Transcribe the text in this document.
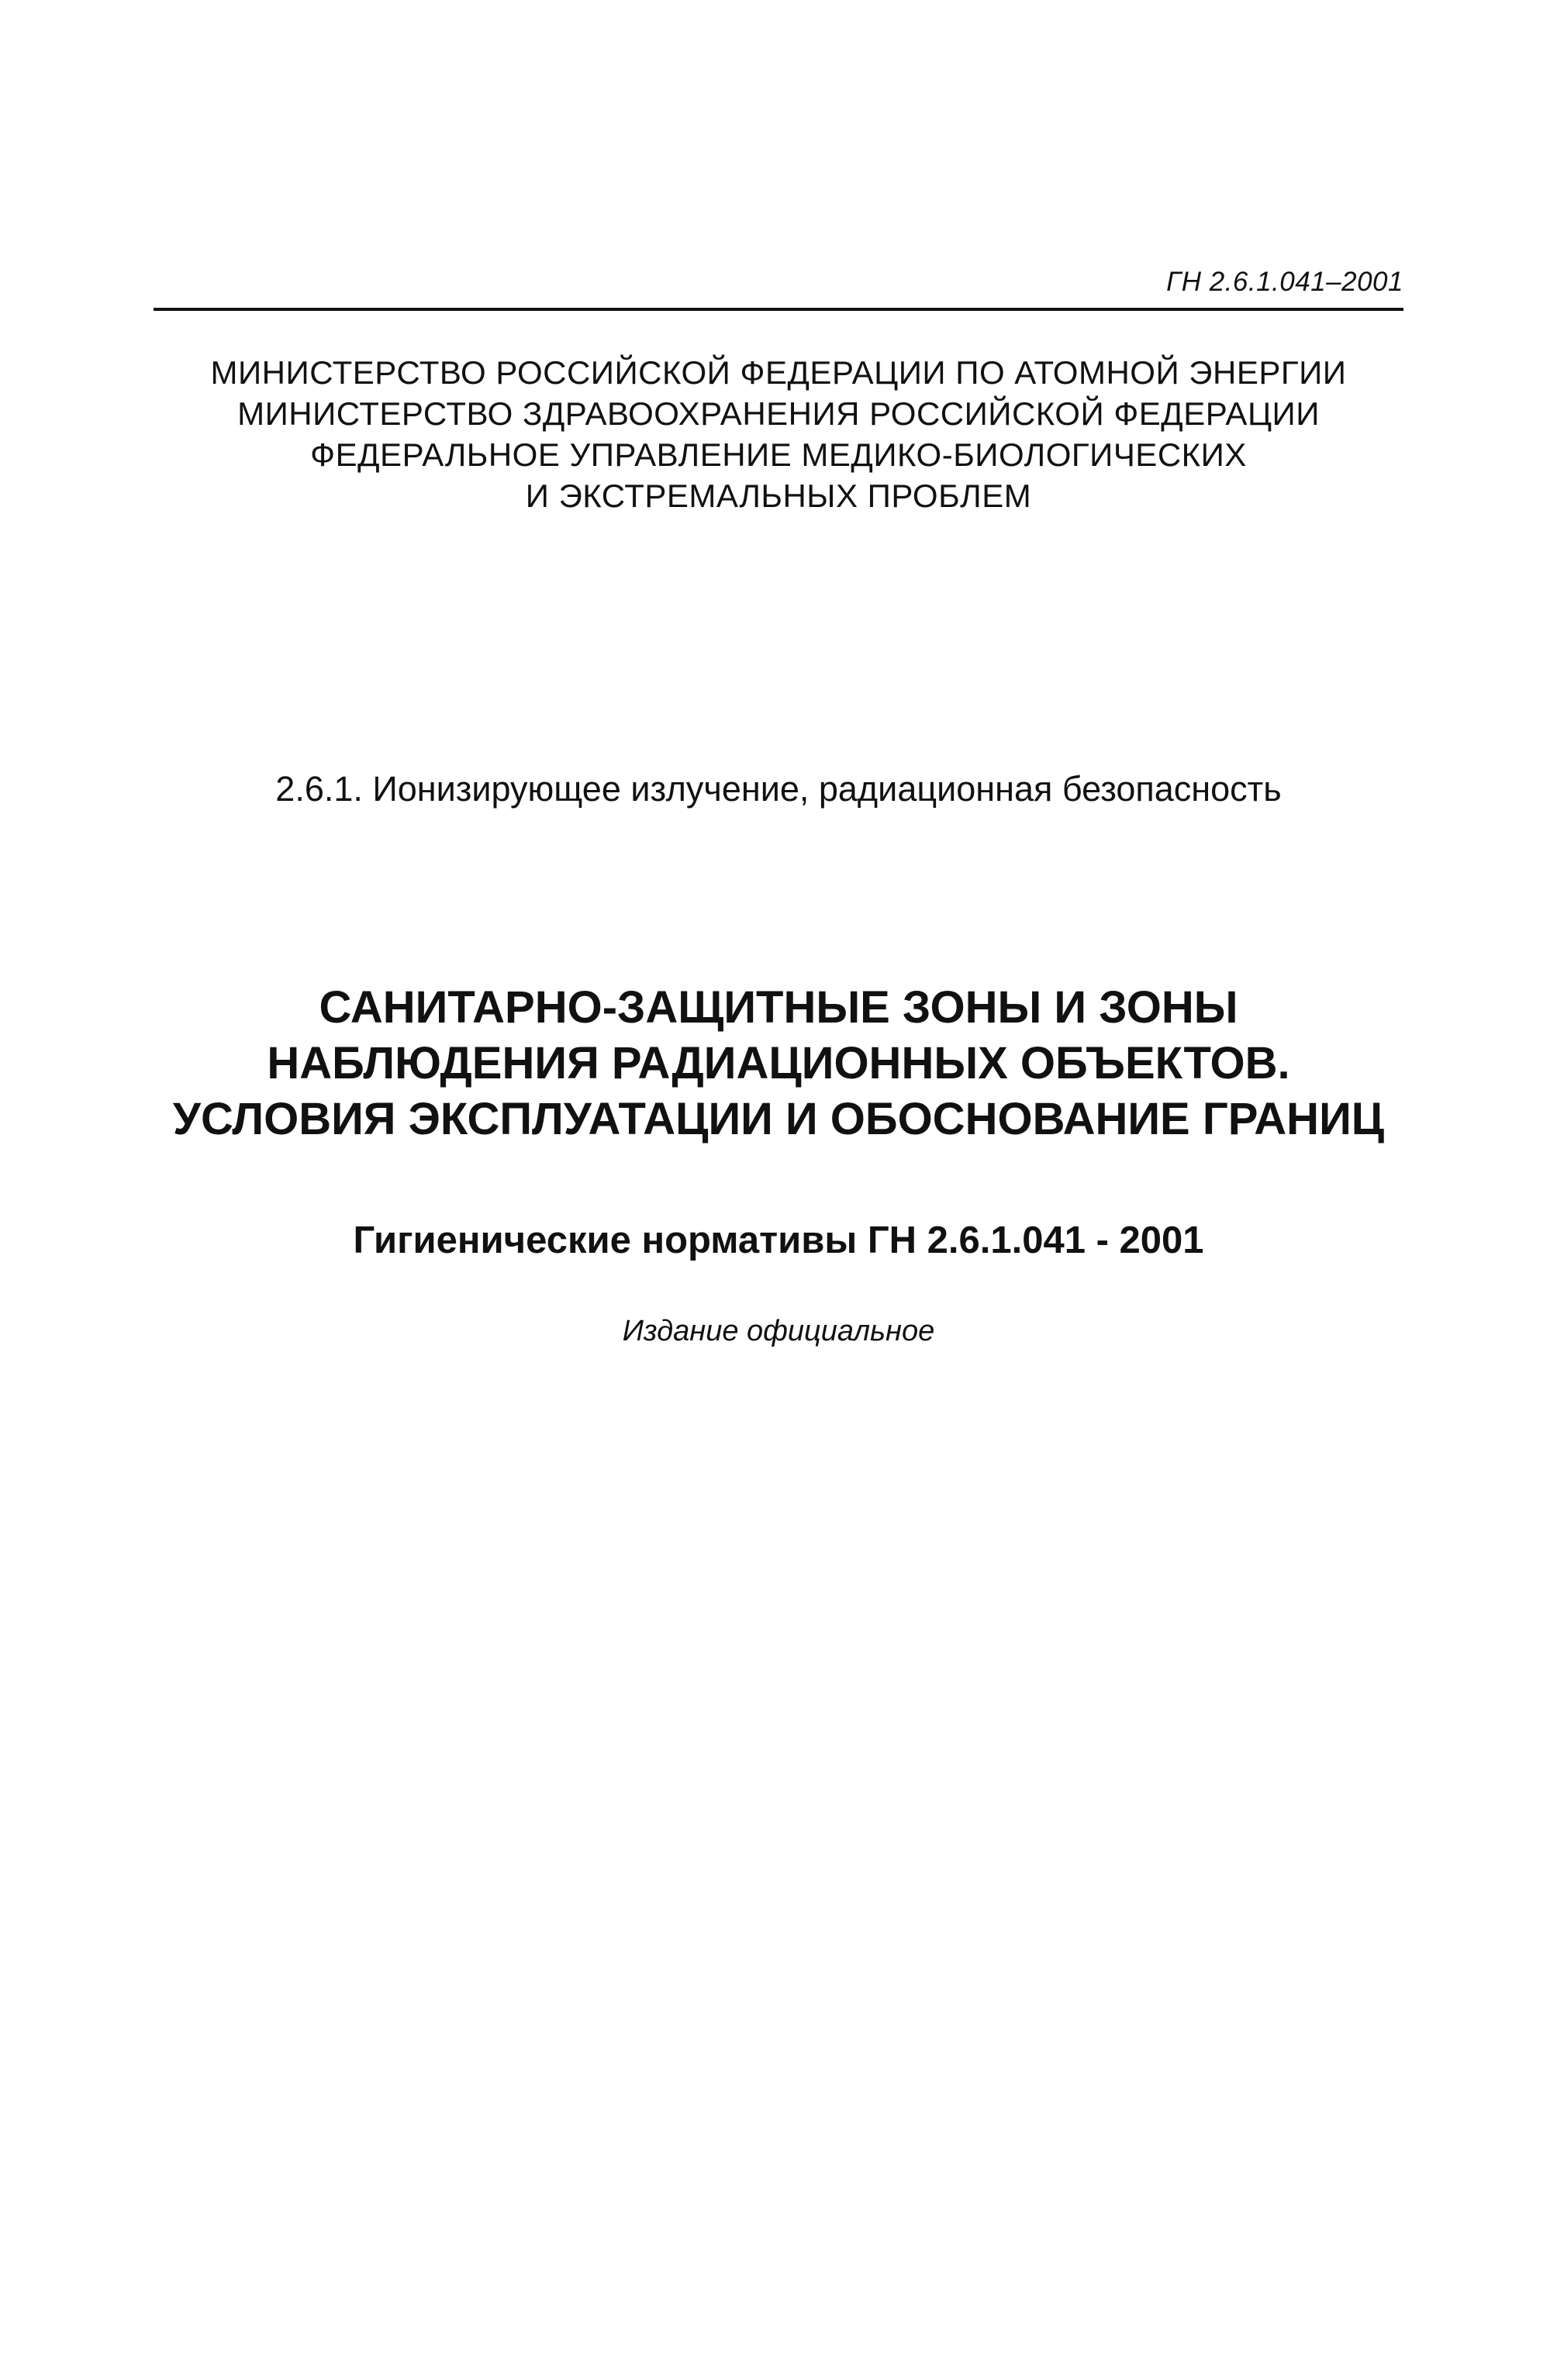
ГН 2.6.1.041–2001
МИНИСТЕРСТВО РОССИЙСКОЙ ФЕДЕРАЦИИ ПО АТОМНОЙ ЭНЕРГИИ
МИНИСТЕРСТВО ЗДРАВООХРАНЕНИЯ РОССИЙСКОЙ ФЕДЕРАЦИИ
ФЕДЕРАЛЬНОЕ УПРАВЛЕНИЕ МЕДИКО-БИОЛОГИЧЕСКИХ
И ЭКСТРЕМАЛЬНЫХ ПРОБЛЕМ
2.6.1. Ионизирующее излучение, радиационная безопасность
САНИТАРНО-ЗАЩИТНЫЕ ЗОНЫ И ЗОНЫ
НАБЛЮДЕНИЯ РАДИАЦИОННЫХ ОБЪЕКТОВ.
УСЛОВИЯ ЭКСПЛУАТАЦИИ И ОБОСНОВАНИЕ ГРАНИЦ
Гигиенические нормативы ГН 2.6.1.041 - 2001
Издание официальное
